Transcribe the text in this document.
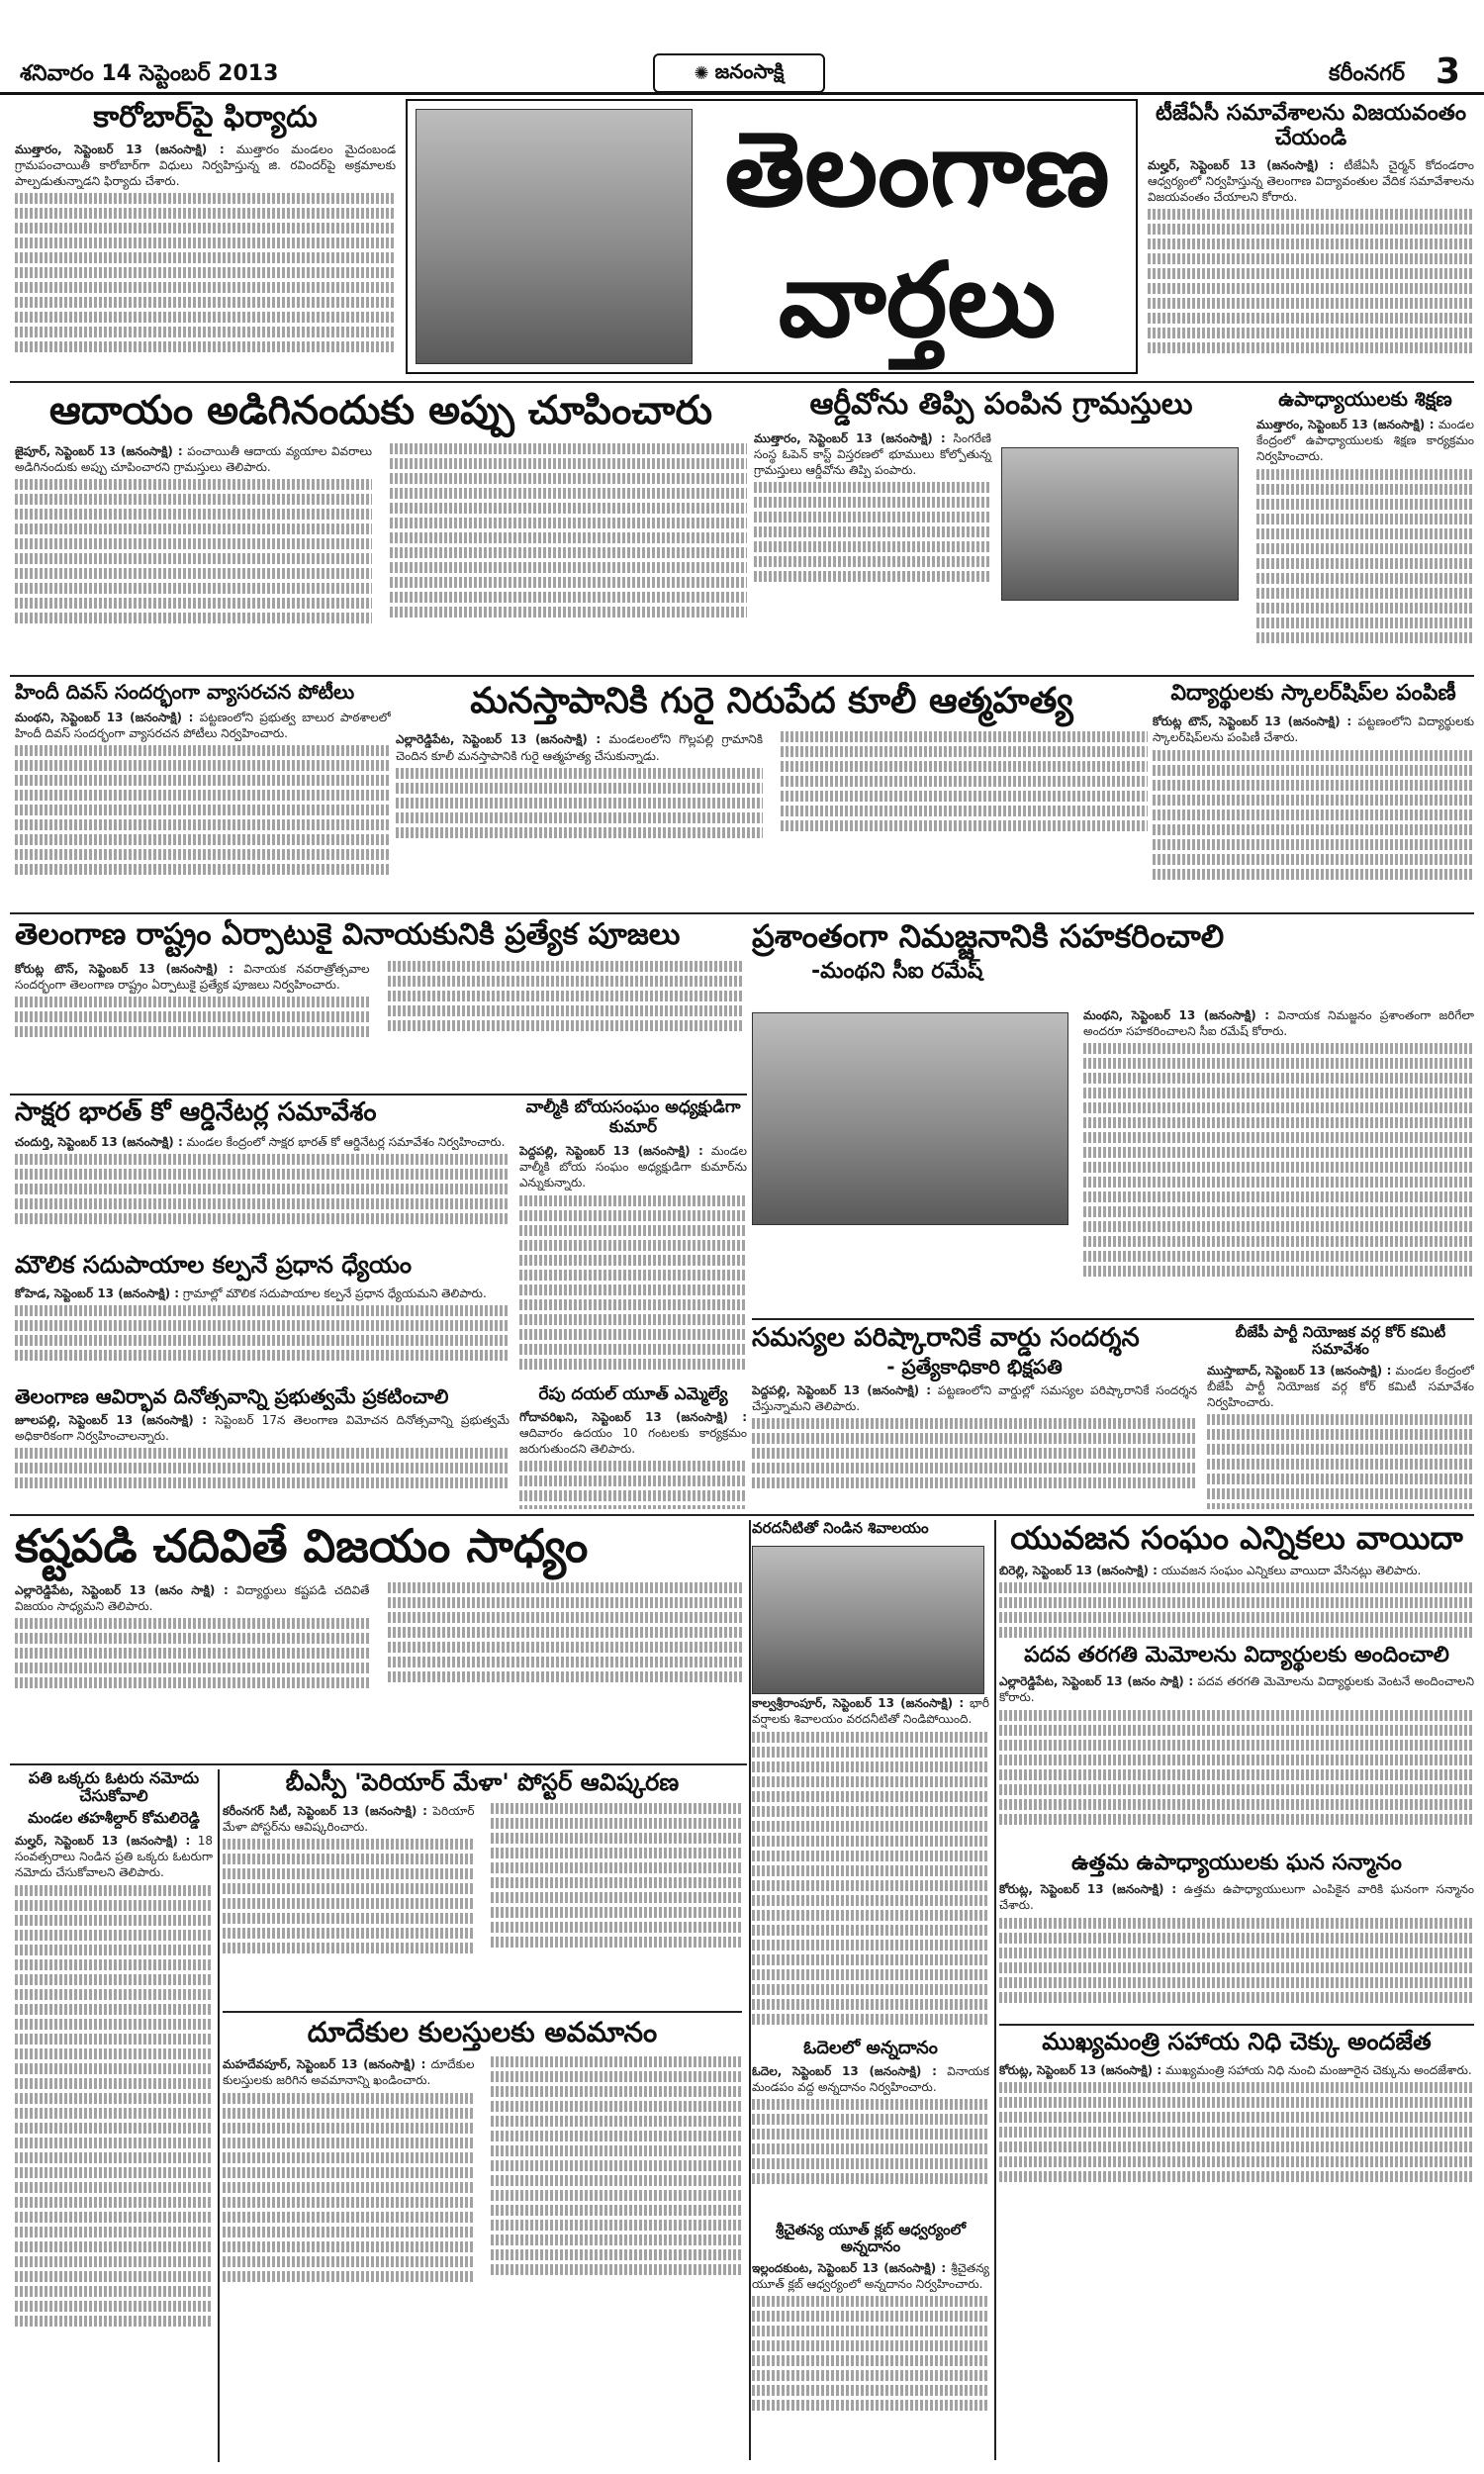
శనివారం 14 సెప్టెంబర్ 2013	✺ జనంసాక్షి	కరీంనగర్ 3
కారోబార్‌పై ఫిర్యాదు
ముత్తారం, సెప్టెంబర్ 13 (జనంసాక్షి) : ముత్తారం మండలం మైదంబండ గ్రామపంచాయితీ కారోబార్‌గా విధులు నిర్వహిస్తున్న జి. రవిందర్‌పై అక్రమాలకు పాల్పడుతున్నాడని ఫిర్యాదు చేశారు.	తెలంగాణ
వార్తలు
టీజేఏసీ సమావేశాలను విజయవంతం చేయండి
మల్హర్, సెప్టెంబర్ 13 (జనంసాక్షి) : టీజేఏసీ చైర్మన్ కోదండరాం ఆధ్వర్యంలో నిర్వహిస్తున్న తెలంగాణ విద్యావంతుల వేదిక సమావేశాలను విజయవంతం చేయాలని కోరారు.
ఆదాయం అడిగినందుకు అప్పు చూపించారు
జైపూర్, సెప్టెంబర్ 13 (జనంసాక్షి) : పంచాయితీ ఆదాయ వ్యయాల వివరాలు అడిగినందుకు అప్పు చూపించారని గ్రామస్తులు తెలిపారు.
ఆర్డీవోను తిప్పి పంపిన గ్రామస్తులు
ముత్తారం, సెప్టెంబర్ 13 (జనంసాక్షి) : సింగరేణి సంస్థ ఓపెన్ కాస్ట్ విస్తరణలో భూములు కోల్పోతున్న గ్రామస్తులు ఆర్డీవోను తిప్పి పంపారు.
ఉపాధ్యాయులకు శిక్షణ
ముత్తారం, సెప్టెంబర్ 13 (జనంసాక్షి) : మండల కేంద్రంలో ఉపాధ్యాయులకు శిక్షణ కార్యక్రమం నిర్వహించారు.
హిందీ దివస్ సందర్భంగా వ్యాసరచన పోటీలు
మంథని, సెప్టెంబర్ 13 (జనంసాక్షి) : పట్టణంలోని ప్రభుత్వ బాలుర పాఠశాలలో హిందీ దివస్ సందర్భంగా వ్యాసరచన పోటీలు నిర్వహించారు.
మనస్తాపానికి గురై నిరుపేద కూలీ ఆత్మహత్య
ఎల్లారెడ్డిపేట, సెప్టెంబర్ 13 (జనంసాక్షి) : మండలంలోని గొల్లపల్లి గ్రామానికి చెందిన కూలీ మనస్తాపానికి గురై ఆత్మహత్య చేసుకున్నాడు.
విద్యార్థులకు స్కాలర్‌షిప్‌ల పంపిణీ
కోరుట్ల టౌన్, సెప్టెంబర్ 13 (జనంసాక్షి) : పట్టణంలోని విద్యార్థులకు స్కాలర్‌షిప్‌లను పంపిణీ చేశారు.
తెలంగాణ రాష్ట్రం ఏర్పాటుకై వినాయకునికి ప్రత్యేక పూజలు
కోరుట్ల టౌన్, సెప్టెంబర్ 13 (జనంసాక్షి) : వినాయక నవరాత్రోత్సవాల సందర్భంగా తెలంగాణ రాష్ట్రం ఏర్పాటుకై ప్రత్యేక పూజలు నిర్వహించారు.
ప్రశాంతంగా నిమజ్జనానికి సహకరించాలి
-మంథని సీఐ రమేష్
మంథని, సెప్టెంబర్ 13 (జనంసాక్షి) : వినాయక నిమజ్జనం ప్రశాంతంగా జరిగేలా అందరూ సహకరించాలని సీఐ రమేష్ కోరారు.
సాక్షర భారత్ కో ఆర్డినేటర్ల సమావేశం
చందుర్తి, సెప్టెంబర్ 13 (జనంసాక్షి) : మండల కేంద్రంలో సాక్షర భారత్ కో ఆర్డినేటర్ల సమావేశం నిర్వహించారు.
వాల్మీకి బోయసంఘం అధ్యక్షుడిగా కుమార్
పెద్దపల్లి, సెప్టెంబర్ 13 (జనంసాక్షి) : మండల వాల్మీకి బోయ సంఘం అధ్యక్షుడిగా కుమార్‌ను ఎన్నుకున్నారు.
మౌలిక సదుపాయాల కల్పనే ప్రధాన ధ్యేయం
కోహెడ, సెప్టెంబర్ 13 (జనంసాక్షి) : గ్రామాల్లో మౌలిక సదుపాయాల కల్పనే ప్రధాన ధ్యేయమని తెలిపారు.
రేపు దయల్ యూత్ ఎమ్మెల్యే
గోదావరిఖని, సెప్టెంబర్ 13 (జనంసాక్షి) : ఆదివారం ఉదయం 10 గంటలకు కార్యక్రమం జరుగుతుందని తెలిపారు.
తెలంగాణ ఆవిర్భావ దినోత్సవాన్ని ప్రభుత్వమే ప్రకటించాలి
జూలపల్లి, సెప్టెంబర్ 13 (జనంసాక్షి) : సెప్టెంబర్ 17న తెలంగాణ విమోచన దినోత్సవాన్ని ప్రభుత్వమే అధికారికంగా నిర్వహించాలన్నారు.
సమస్యల పరిష్కారానికే వార్డు సందర్శన
- ప్రత్యేకాధికారి భిక్షపతి
పెద్దపల్లి, సెప్టెంబర్ 13 (జనంసాక్షి) : పట్టణంలోని వార్డుల్లో సమస్యల పరిష్కారానికే సందర్శన చేస్తున్నామని తెలిపారు.
బీజేపీ పార్టీ నియోజక వర్గ కోర్ కమిటీ సమావేశం
ముస్తాబాద్, సెప్టెంబర్ 13 (జనంసాక్షి) : మండల కేంద్రంలో బీజేపీ పార్టీ నియోజక వర్గ కోర్ కమిటీ సమావేశం నిర్వహించారు.
కష్టపడి చదివితే విజయం సాధ్యం
ఎల్లారెడ్డిపేట, సెప్టెంబర్ 13 (జనం సాక్షి) : విద్యార్థులు కష్టపడి చదివితే విజయం సాధ్యమని తెలిపారు.
వరదనీటితో నిండిన శివాలయం
కాల్వశ్రీరాంపూర్, సెప్టెంబర్ 13 (జనంసాక్షి) : భారీ వర్షాలకు శివాలయం వరదనీటితో నిండిపోయింది.
యువజన సంఘం ఎన్నికలు వాయిదా
బిరెల్లి, సెప్టెంబర్ 13 (జనంసాక్షి) : యువజన సంఘం ఎన్నికలు వాయిదా వేసినట్లు తెలిపారు.
పదవ తరగతి మెమోలను విద్యార్థులకు అందించాలి
ఎల్లారెడ్డిపేట, సెప్టెంబర్ 13 (జనం సాక్షి) : పదవ తరగతి మెమోలను విద్యార్థులకు వెంటనే అందించాలని కోరారు.
పతి ఒక్కరు ఓటరు నమోదు చేసుకోవాలి
మండల తహశీల్దార్ కోమలిరెడ్డి
మల్హర్, సెప్టెంబర్ 13 (జనంసాక్షి) : 18 సంవత్సరాలు నిండిన ప్రతి ఒక్కరు ఓటరుగా నమోదు చేసుకోవాలని తెలిపారు.
బీఎస్పీ 'పెరియార్ మేళా' పోస్టర్ ఆవిష్కరణ
కరీంనగర్ సిటీ, సెప్టెంబర్ 13 (జనంసాక్షి) : పెరియార్ మేళా పోస్టర్‌ను ఆవిష్కరించారు.
ఓదెలలో అన్నదానం
ఓదెల, సెప్టెంబర్ 13 (జనంసాక్షి) : వినాయక మండపం వద్ద అన్నదానం నిర్వహించారు.
ఉత్తమ ఉపాధ్యాయులకు ఘన సన్మానం
కోరుట్ల, సెప్టెంబర్ 13 (జనంసాక్షి) : ఉత్తమ ఉపాధ్యాయులుగా ఎంపికైన వారికి ఘనంగా సన్మానం చేశారు.
దూదేకుల కులస్తులకు అవమానం
మహదేవపూర్, సెప్టెంబర్ 13 (జనంసాక్షి) : దూదేకుల కులస్తులకు జరిగిన అవమానాన్ని ఖండించారు.
శ్రీచైతన్య యూత్ క్లబ్ ఆధ్వర్యంలో అన్నదానం
ఇల్లందకుంట, సెప్టెంబర్ 13 (జనంసాక్షి) : శ్రీచైతన్య యూత్ క్లబ్ ఆధ్వర్యంలో అన్నదానం నిర్వహించారు.
ముఖ్యమంత్రి సహాయ నిధి చెక్కు అందజేత
కోరుట్ల, సెప్టెంబర్ 13 (జనంసాక్షి) : ముఖ్యమంత్రి సహాయ నిధి నుంచి మంజూరైన చెక్కును అందజేశారు.
